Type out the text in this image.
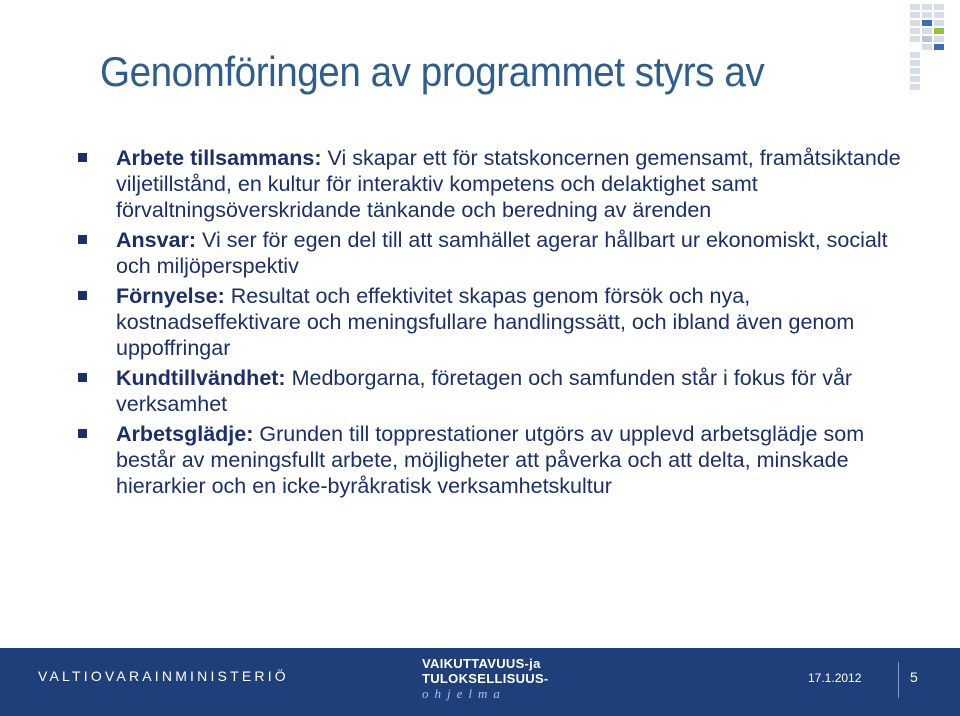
Genomföringen av programmet styrs av
Arbete tillsammans: Vi skapar ett för statskoncernen gemensamt, framåtsiktande viljetillstånd, en kultur för interaktiv kompetens och delaktighet samt förvaltningsöverskridande tänkande och beredning av ärenden
Ansvar: Vi ser för egen del till att samhället agerar hållbart ur ekonomiskt, socialt och miljöperspektiv
Förnyelse: Resultat och effektivitet skapas genom försök och nya, kostnadseffektivare och meningsfullare handlingssätt, och ibland även genom uppoffringar
Kundtillvändhet: Medborgarna, företagen och samfunden står i fokus för vår verksamhet
Arbetsglädje: Grunden till topprestationer utgörs av upplevd arbetsglädje som består av meningsfullt arbete, möjligheter att påverka och att delta, minskade hierarkier och en icke-byråkratisk verksamhetskultur
VALTIOVARAINMINISTERIÖ
VAIKUTTAVUUS-ja
TULOKSELLISUUS-
ohjelma
17.1.2012	5
